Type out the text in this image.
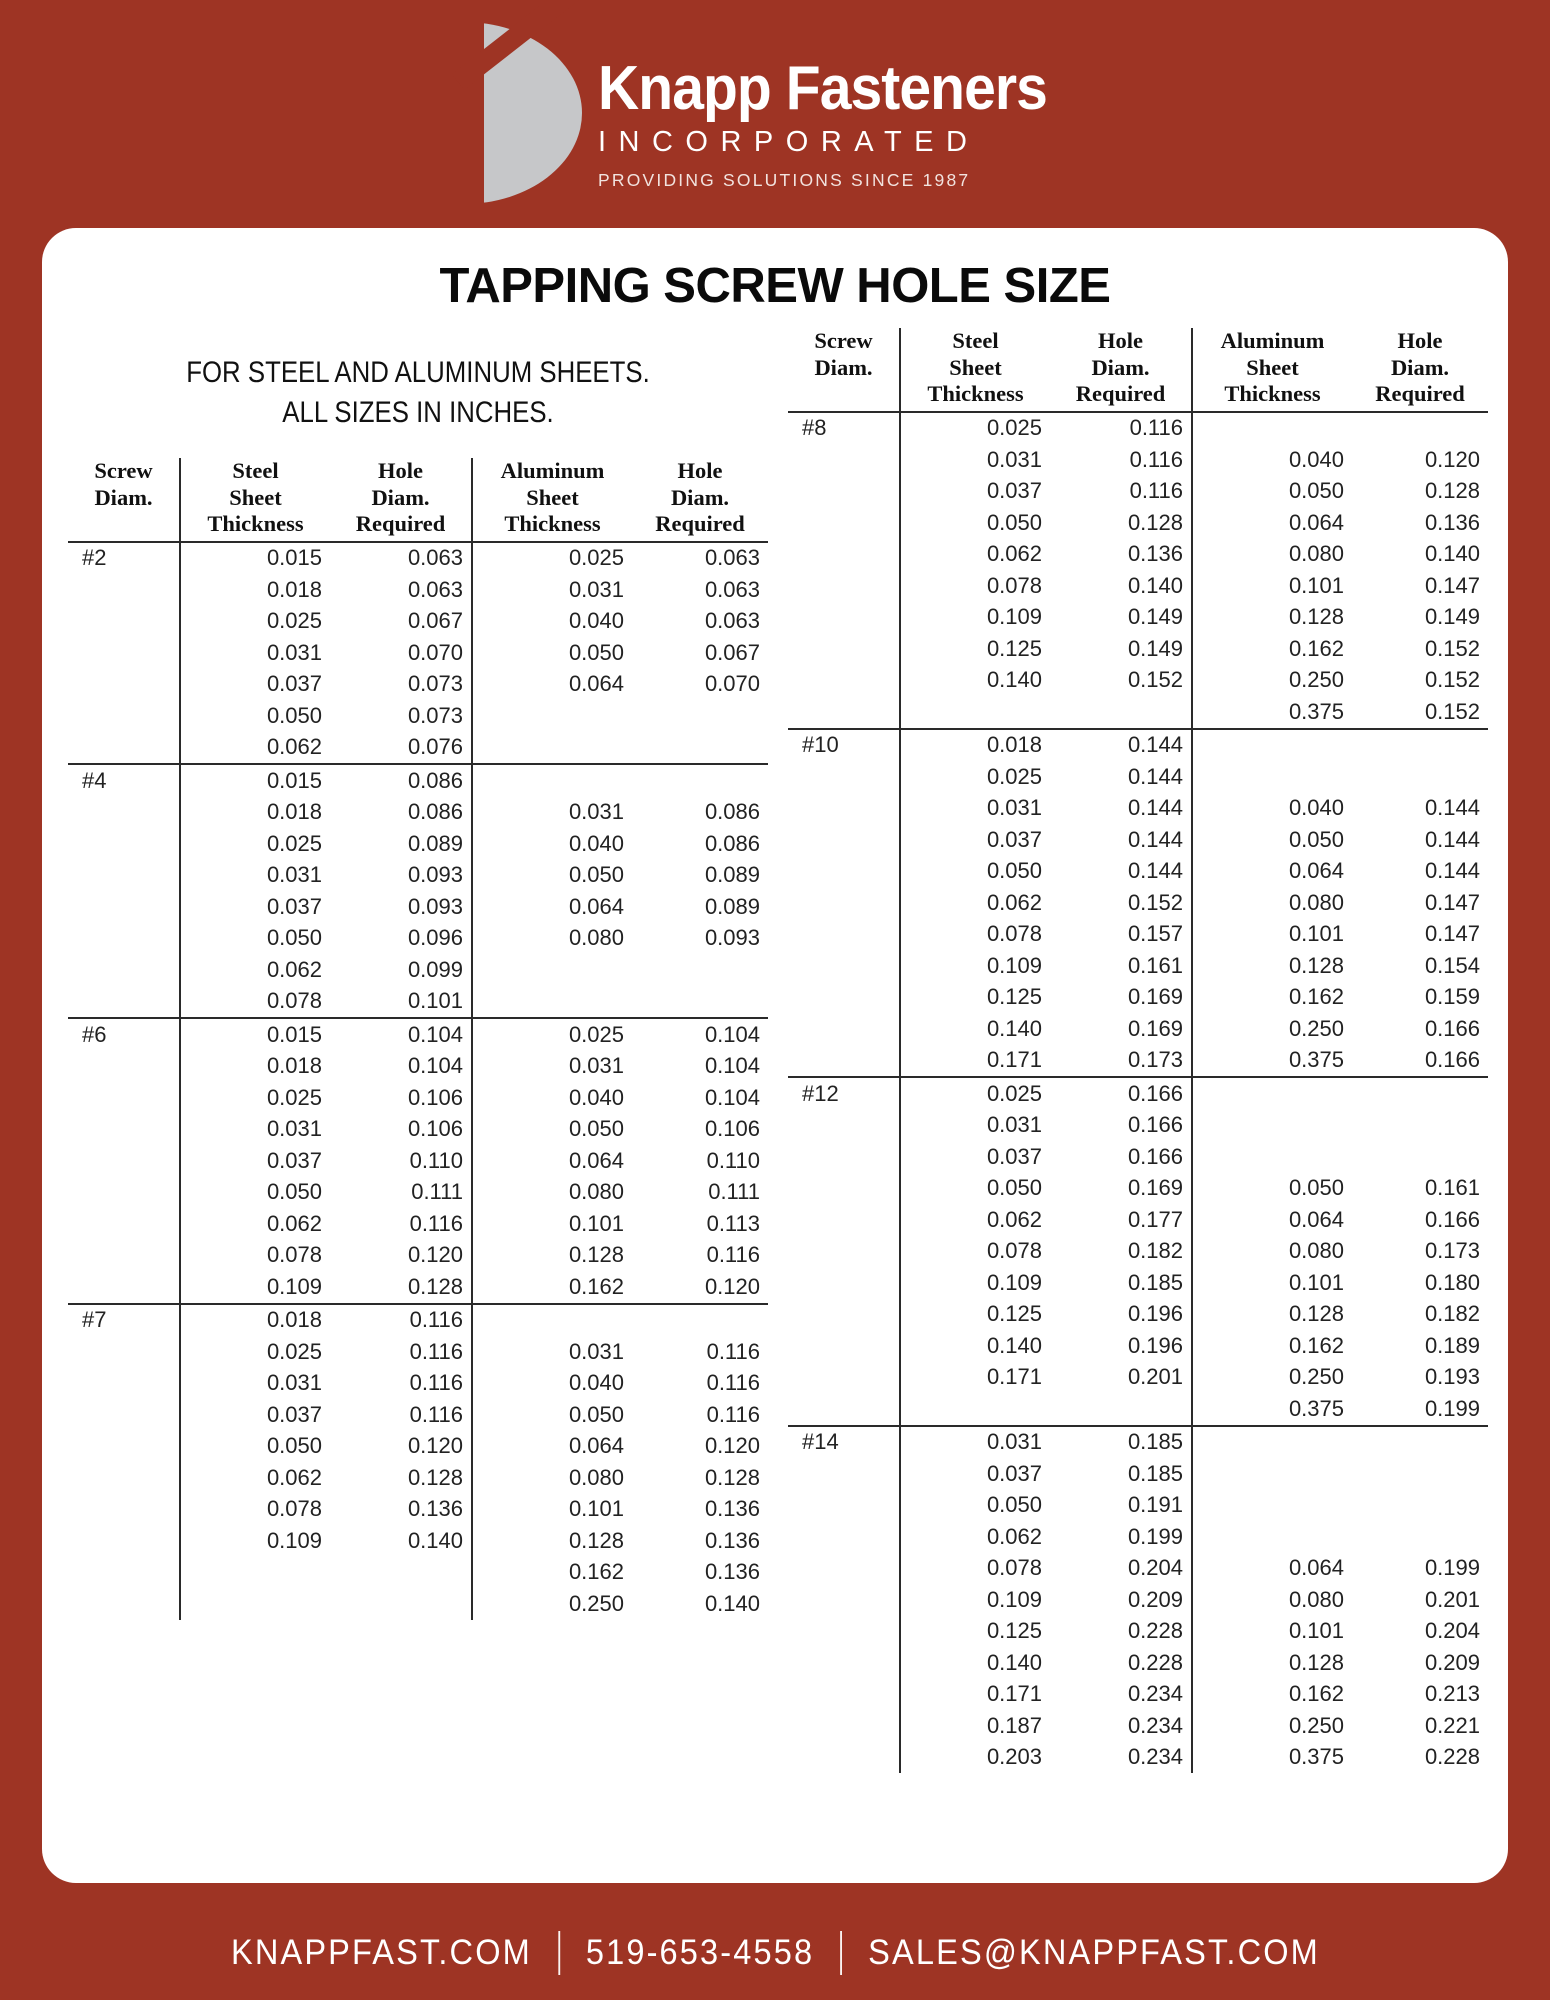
Knapp Fasteners
INCORPORATED
PROVIDING SOLUTIONS SINCE 1987
TAPPING SCREW HOLE SIZE
FOR STEEL AND ALUMINUM SHEETS. ALL SIZES IN INCHES.
Screw
Diam.

Steel
Sheet
Thickness

Hole
Diam.
Required

Aluminum
Sheet
Thickness

Hole
Diam.
Required

#2	0.015	0.063	0.025	0.063
	0.018	0.063	0.031	0.063
	0.025	0.067	0.040	0.063
	0.031	0.070	0.050	0.067
	0.037	0.073	0.064	0.070
	0.050	0.073		
	0.062	0.076		
#4	0.015	0.086		
	0.018	0.086	0.031	0.086
	0.025	0.089	0.040	0.086
	0.031	0.093	0.050	0.089
	0.037	0.093	0.064	0.089
	0.050	0.096	0.080	0.093
	0.062	0.099		
	0.078	0.101		
#6	0.015	0.104	0.025	0.104
	0.018	0.104	0.031	0.104
	0.025	0.106	0.040	0.104
	0.031	0.106	0.050	0.106
	0.037	0.110	0.064	0.110
	0.050	0.111	0.080	0.111
	0.062	0.116	0.101	0.113
	0.078	0.120	0.128	0.116
	0.109	0.128	0.162	0.120
#7	0.018	0.116		
	0.025	0.116	0.031	0.116
	0.031	0.116	0.040	0.116
	0.037	0.116	0.050	0.116
	0.050	0.120	0.064	0.120
	0.062	0.128	0.080	0.128
	0.078	0.136	0.101	0.136
	0.109	0.140	0.128	0.136
			0.162	0.136
			0.250	0.140
Screw
Diam.

Steel
Sheet
Thickness

Hole
Diam.
Required

Aluminum
Sheet
Thickness

Hole
Diam.
Required

#8	0.025	0.116		
	0.031	0.116	0.040	0.120
	0.037	0.116	0.050	0.128
	0.050	0.128	0.064	0.136
	0.062	0.136	0.080	0.140
	0.078	0.140	0.101	0.147
	0.109	0.149	0.128	0.149
	0.125	0.149	0.162	0.152
	0.140	0.152	0.250	0.152
			0.375	0.152
#10	0.018	0.144		
	0.025	0.144		
	0.031	0.144	0.040	0.144
	0.037	0.144	0.050	0.144
	0.050	0.144	0.064	0.144
	0.062	0.152	0.080	0.147
	0.078	0.157	0.101	0.147
	0.109	0.161	0.128	0.154
	0.125	0.169	0.162	0.159
	0.140	0.169	0.250	0.166
	0.171	0.173	0.375	0.166
#12	0.025	0.166		
	0.031	0.166		
	0.037	0.166		
	0.050	0.169	0.050	0.161
	0.062	0.177	0.064	0.166
	0.078	0.182	0.080	0.173
	0.109	0.185	0.101	0.180
	0.125	0.196	0.128	0.182
	0.140	0.196	0.162	0.189
	0.171	0.201	0.250	0.193
			0.375	0.199
#14	0.031	0.185		
	0.037	0.185		
	0.050	0.191		
	0.062	0.199		
	0.078	0.204	0.064	0.199
	0.109	0.209	0.080	0.201
	0.125	0.228	0.101	0.204
	0.140	0.228	0.128	0.209
	0.171	0.234	0.162	0.213
	0.187	0.234	0.250	0.221
	0.203	0.234	0.375	0.228
KNAPPFAST.COM 519-653-4558 SALES@KNAPPFAST.COM
